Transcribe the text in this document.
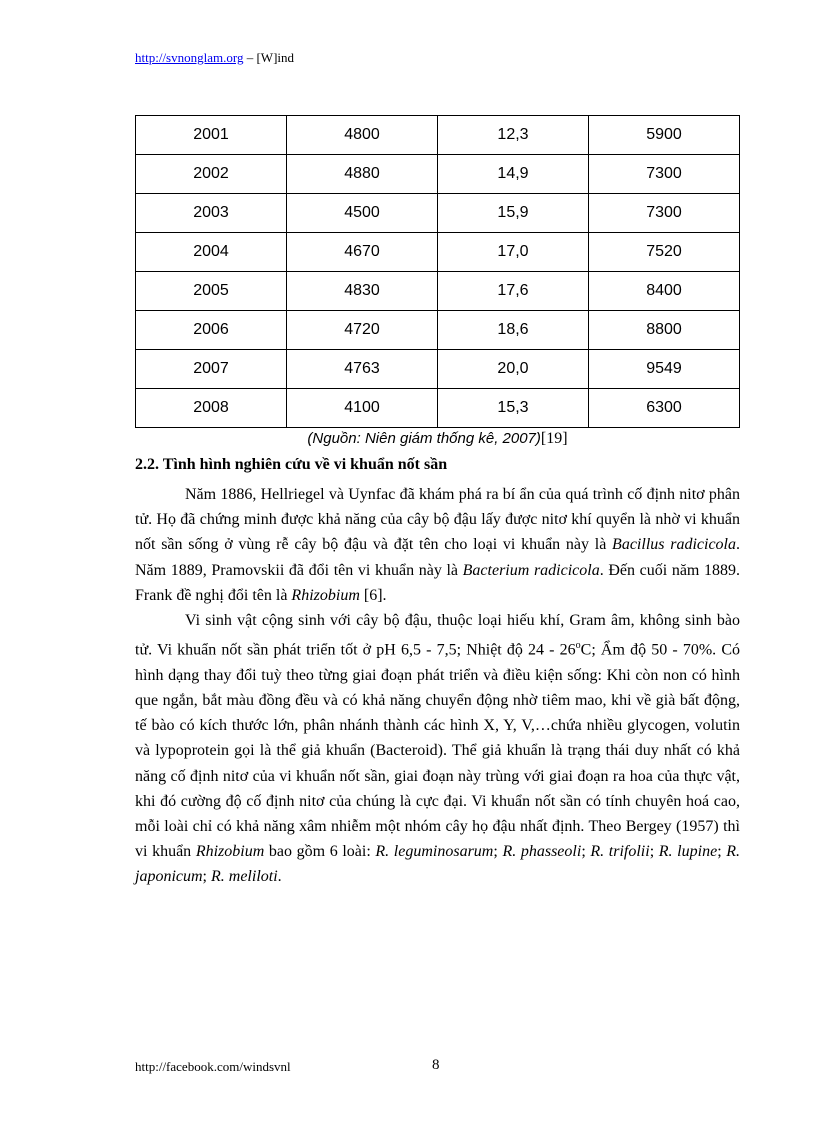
http://svnonglam.org – [W]ind
2001	4800	12,3	5900
2002	4880	14,9	7300
2003	4500	15,9	7300
2004	4670	17,0	7520
2005	4830	17,6	8400
2006	4720	18,6	8800
2007	4763	20,0	9549
2008	4100	15,3	6300
(Nguồn: Niên giám thống kê, 2007)[19]
2.2. Tình hình nghiên cứu về vi khuẩn nốt sần

Năm 1886, Hellriegel và Uynfac đã khám phá ra bí ẩn của quá trình cố định nitơ phân tử. Họ đã chứng minh được khả năng của cây bộ đậu lấy được nitơ khí quyển là nhờ vi khuẩn nốt sần sống ở vùng rễ cây bộ đậu và đặt tên cho loại vi khuẩn này là Bacillus radicicola. Năm 1889, Pramovskii đã đổi tên vi khuẩn này là Bacterium radicicola. Đến cuối năm 1889. Frank đề nghị đổi tên là Rhizobium [6].

Vi sinh vật cộng sinh với cây bộ đậu, thuộc loại hiếu khí, Gram âm, không sinh bào tử. Vi khuẩn nốt sần phát triển tốt ở pH 6,5 - 7,5; Nhiệt độ 24 - 26$^o$C; Ẩm độ 50 - 70%. Có hình dạng thay đổi tuỳ theo từng giai đoạn phát triển và điều kiện sống: Khi còn non có hình que ngắn, bắt màu đồng đều và có khả năng chuyển động nhờ tiêm mao, khi về già bất động, tế bào có kích thước lớn, phân nhánh thành các hình X, Y, V,…chứa nhiều glycogen, volutin và lypoprotein gọi là thể giả khuẩn (Bacteroid). Thể giả khuẩn là trạng thái duy nhất có khả năng cố định nitơ của vi khuẩn nốt sần, giai đoạn này trùng với giai đoạn ra hoa của thực vật, khi đó cường độ cố định nitơ của chúng là cực đại. Vi khuẩn nốt sần có tính chuyên hoá cao, mỗi loài chỉ có khả năng xâm nhiễm một nhóm cây họ đậu nhất định. Theo Bergey (1957) thì vi khuẩn Rhizobium bao gồm 6 loài: R. leguminosarum; R. phasseoli; R. trifolii; R. lupine; R. japonicum; R. meliloti.

http://facebook.com/windsvnl	8
